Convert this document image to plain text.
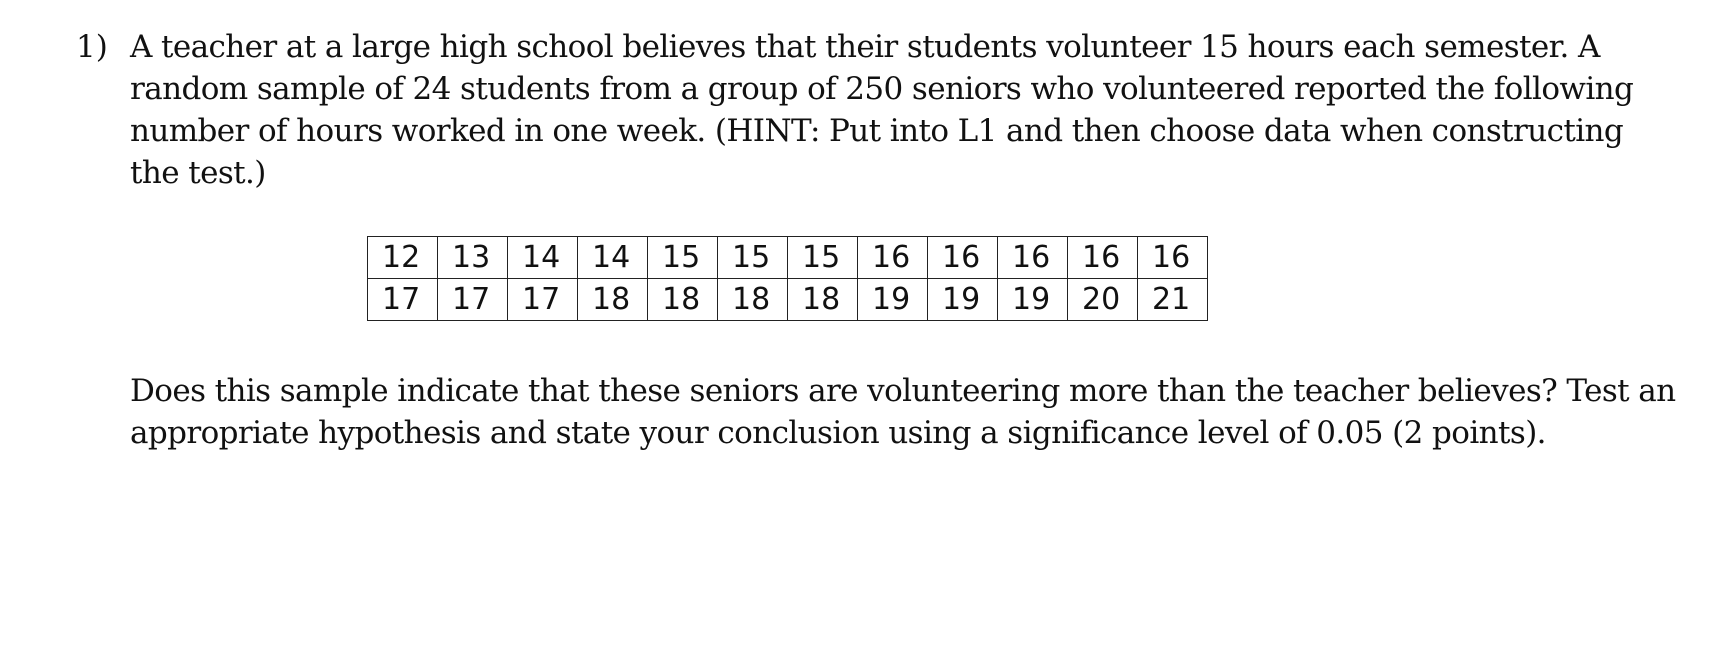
1) A teacher at a large high school believes that their students volunteer 15 hours each semester. A
random sample of 24 students from a group of 250 seniors who volunteered reported the following
number of hours worked in one week. (HINT: Put into L1 and then choose data when constructing
the test.)
12	13	14	14	15	15	15	16	16	16	16	16
17	17	17	18	18	18	18	19	19	19	20	21
Does this sample indicate that these seniors are volunteering more than the teacher believes? Test an
appropriate hypothesis and state your conclusion using a significance level of 0.05 (2 points).
